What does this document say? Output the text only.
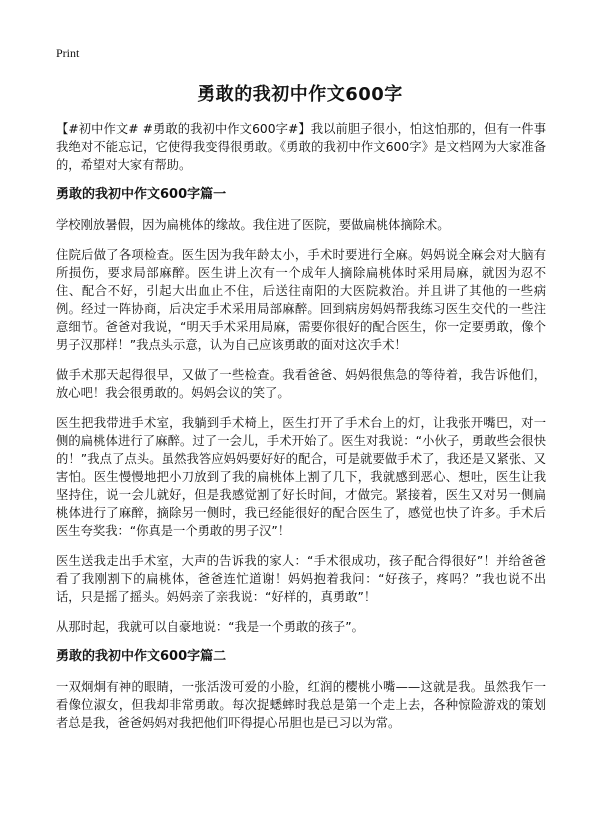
Print
勇敢的我初中作文600字

【#初中作文# #勇敢的我初中作文600字#】我以前胆子很小，怕这怕那的，但有一件事我绝对不能忘记，它使得我变得很勇敢。《勇敢的我初中作文600字》是文档网为大家准备的，希望对大家有帮助。

勇敢的我初中作文600字篇一

学校刚放暑假，因为扁桃体的缘故。我住进了医院，要做扁桃体摘除术。

住院后做了各项检查。医生因为我年龄太小，手术时要进行全麻。妈妈说全麻会对大脑有所损伤，要求局部麻醉。医生讲上次有一个成年人摘除扁桃体时采用局麻，就因为忍不住、配合不好，引起大出血止不住，后送往南阳的大医院救治。并且讲了其他的一些病例。经过一阵协商，后决定手术采用局部麻醉。回到病房妈妈帮我练习医生交代的一些注意细节。爸爸对我说，“明天手术采用局麻，需要你很好的配合医生，你一定要勇敢，像个男子汉那样！”我点头示意，认为自己应该勇敢的面对这次手术！

做手术那天起得很早，又做了一些检查。我看爸爸、妈妈很焦急的等待着，我告诉他们，放心吧！我会很勇敢的。妈妈会议的笑了。

医生把我带进手术室，我躺到手术椅上，医生打开了手术台上的灯，让我张开嘴巴，对一侧的扁桃体进行了麻醉。过了一会儿，手术开始了。医生对我说：“小伙子，勇敢些会很快的！”我点了点头。虽然我答应妈妈要好好的配合，可是就要做手术了，我还是又紧张、又害怕。医生慢慢地把小刀放到了我的扁桃体上割了几下，我就感到恶心、想吐，医生让我坚持住，说一会儿就好，但是我感觉割了好长时间，才做完。紧接着，医生又对另一侧扁桃体进行了麻醉，摘除另一侧时，我已经能很好的配合医生了，感觉也快了许多。手术后医生夸奖我：“你真是一个勇敢的男子汉”！

医生送我走出手术室，大声的告诉我的家人：“手术很成功，孩子配合得很好”！并给爸爸看了我刚割下的扁桃体，爸爸连忙道谢！妈妈抱着我问：“好孩子，疼吗？”我也说不出话，只是摇了摇头。妈妈亲了亲我说：“好样的，真勇敢”！

从那时起，我就可以自豪地说：“我是一个勇敢的孩子”。

勇敢的我初中作文600字篇二

一双炯炯有神的眼睛，一张活泼可爱的小脸，红润的樱桃小嘴——这就是我。虽然我乍一看像位淑女，但我却非常勇敢。每次捉蟋蟀时我总是第一个走上去，各种惊险游戏的策划者总是我，爸爸妈妈对我把他们吓得提心吊胆也是已习以为常。
